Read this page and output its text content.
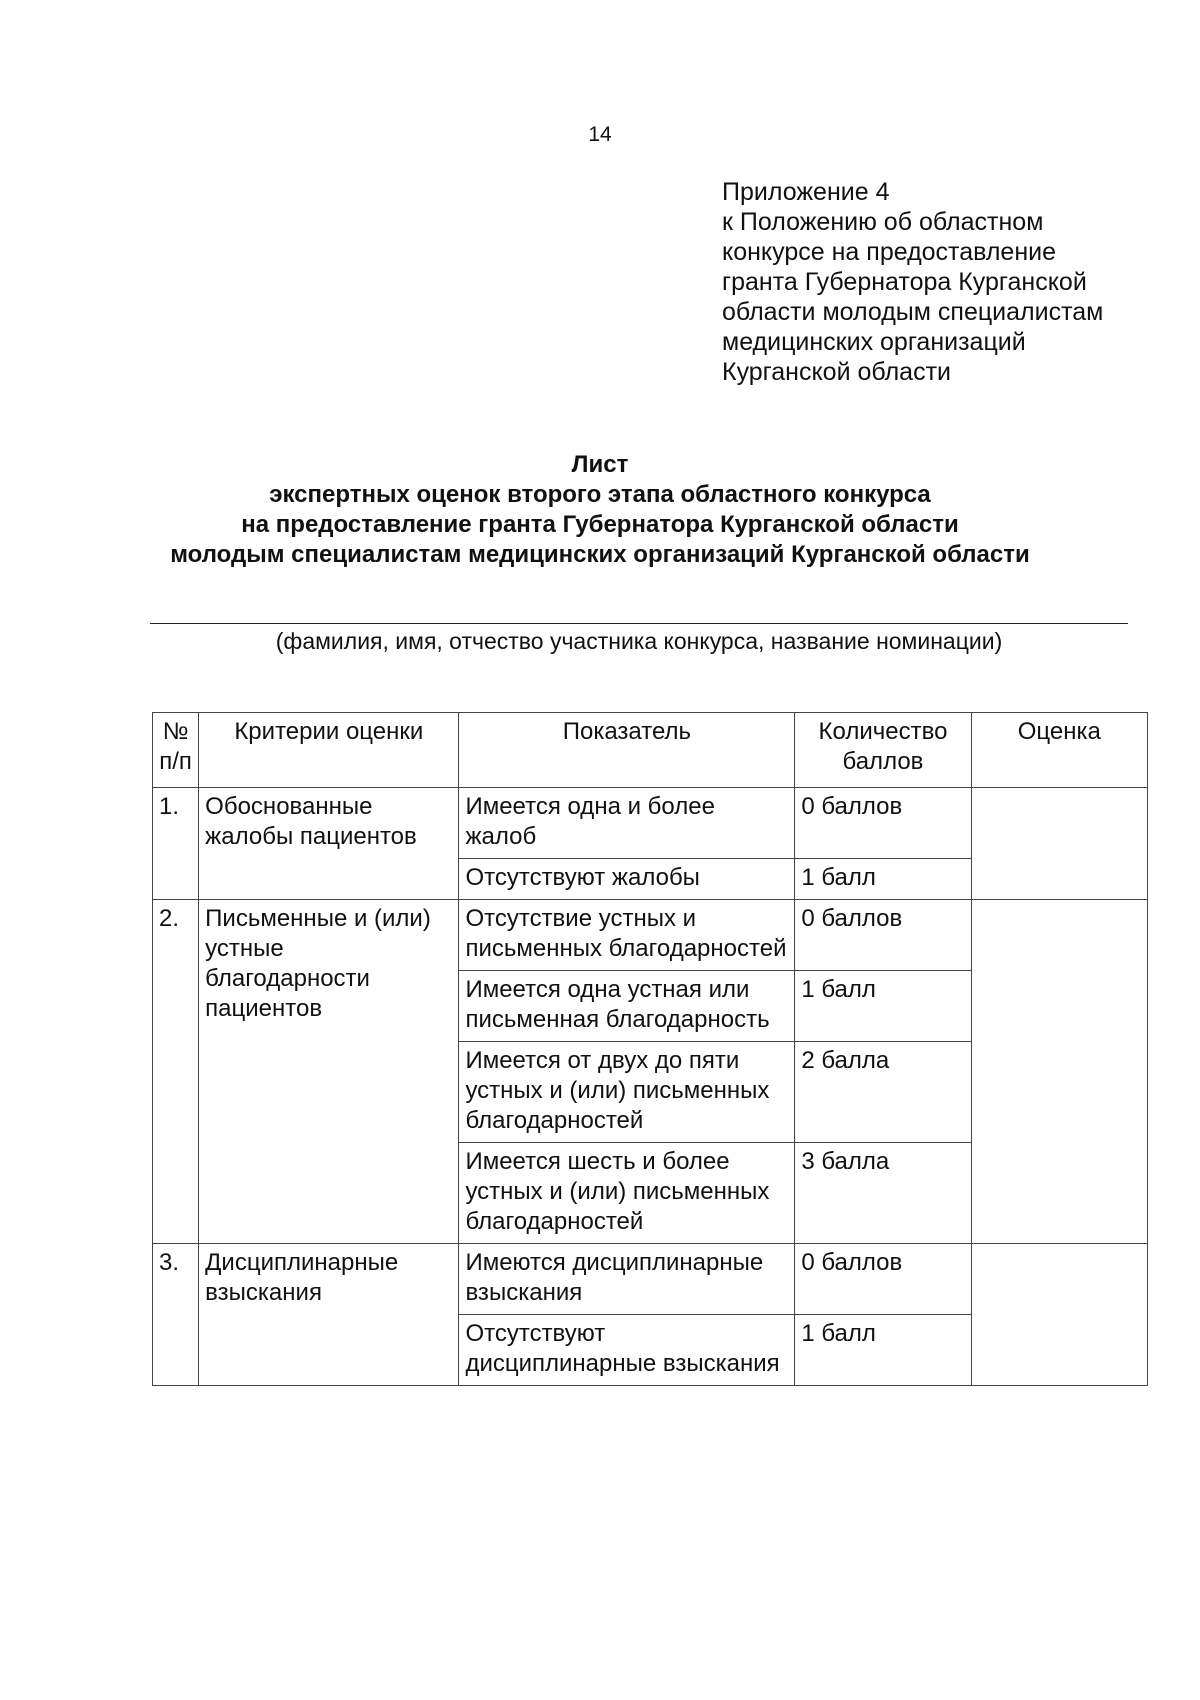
14
Приложение 4
к Положению об областном
конкурсе на предоставление
гранта Губернатора Курганской
области молодым специалистам
медицинских организаций
Курганской области
Лист
экспертных оценок второго этапа областного конкурса
на предоставление гранта Губернатора Курганской области
молодым специалистам медицинских организаций Курганской области
(фамилия, имя, отчество участника конкурса, название номинации)
№ п/п	Критерии оценки	Показатель	Количество баллов	Оценка
1.	Обоснованные жалобы пациентов	Имеется одна и более жалоб	0 баллов	
		Отсутствуют жалобы	1 балл	
2.	Письменные и (или) устные благодарности пациентов	Отсутствие устных и письменных благодарностей	0 баллов	
		Имеется одна устная или письменная благодарность	1 балл	
		Имеется от двух до пяти устных и (или) письменных благодарностей	2 балла	
		Имеется шесть и более устных и (или) письменных благодарностей	3 балла	
3.	Дисциплинарные взыскания	Имеются дисциплинарные взыскания	0 баллов	
		Отсутствуют дисциплинарные взыскания	1 балл	
